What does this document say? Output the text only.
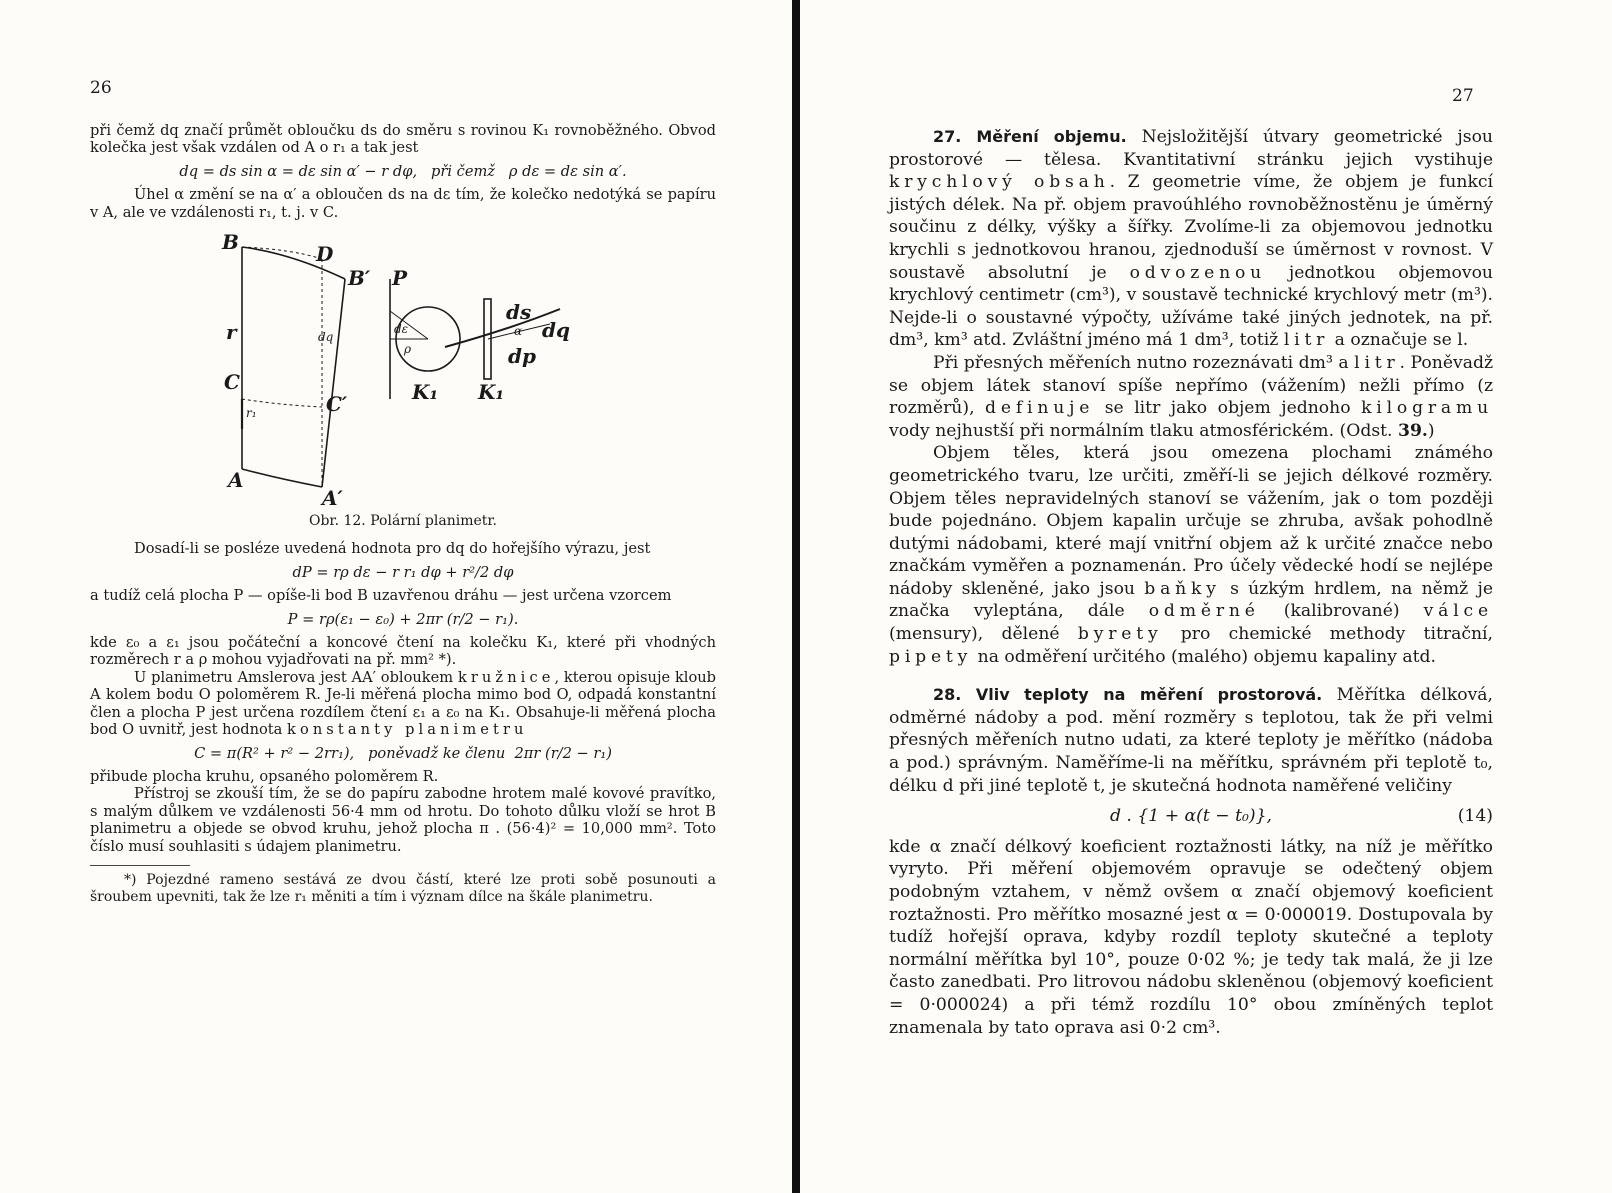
26

při čemž dq značí průmět obloučku ds do směru s rovinou K₁ rovnoběžného. Obvod kolečka jest však vzdálen od A o r₁ a tak jest

dq = ds sin α = dε sin α′ − r dφ,   při čemž   ρ dε = dε sin α′.

Úhel α změní se na α′ a obloučen ds na dε tím, že kolečko nedotýká se papíru v A, ale ve vzdálenosti r₁, t. j. v C.

B	D
B′
r
C
C′
A
A′
P
K₁ K₁
ds
dq
dp
dq
r₁
dε
ρ
α
Obr. 12. Polární planimetr.

Dosadí-li se posléze uvedená hodnota pro dq do hořejšího výrazu, jest

dP = rρ dε − r r₁ dφ + r²/2 dφ

a tudíž celá plocha P — opíše-li bod B uzavřenou dráhu — jest určena vzorcem

P = rρ(ε₁ − ε₀) + 2πr (r/2 − r₁).

kde ε₀ a ε₁ jsou počáteční a koncové čtení na kolečku K₁, které při vhodných rozměrech r a ρ mohou vyjadřovati na př. mm² *).

U planimetru Amslerova jest AA′ obloukem kružnice, kterou opisuje kloub A kolem bodu O poloměrem R. Je-li měřená plocha mimo bod O, odpadá konstantní člen a plocha P jest určena rozdílem čtení ε₁ a ε₀ na K₁. Obsahuje-li měřená plocha bod O uvnitř, jest hodnota konstanty planimetru

C = π(R² + r² − 2rr₁),   poněvadž ke členu  2πr (r/2 − r₁)

přibude plocha kruhu, opsaného poloměrem R.

Přístroj se zkouší tím, že se do papíru zabodne hrotem malé kovové pravítko, s malým důlkem ve vzdálenosti 56·4 mm od hrotu. Do tohoto důlku vloží se hrot B planimetru a objede se obvod kruhu, jehož plocha π . (56·4)² = 10,000 mm². Toto číslo musí souhlasiti s údajem planimetru.

*) Pojezdné rameno sestává ze dvou částí, které lze proti sobě posunouti a šroubem upevniti, tak že lze r₁ měniti a tím i význam dílce na škále planimetru.

27

27. Měření objemu. Nejsložitější útvary geometrické jsou prostorové — tělesa. Kvantitativní stránku jejich vystihuje krychlový obsah. Z geometrie víme, že objem je funkcí jistých délek. Na př. objem pravoúhlého rovnoběžnostěnu je úměrný součinu z délky, výšky a šířky. Zvolíme-li za objemovou jednotku krychli s jednotkovou hranou, zjednoduší se úměrnost v rovnost. V soustavě absolutní je odvozenou jednotkou objemovou krychlový centimetr (cm³), v soustavě technické krychlový metr (m³). Nejde-li o soustavné výpočty, užíváme také jiných jednotek, na př. dm³, km³ atd. Zvláštní jméno má 1 dm³, totiž litr a označuje se l.

Při přesných měřeních nutno rozeznávati dm³ a litr. Poněvadž se objem látek stanoví spíše nepřímo (vážením) nežli přímo (z rozměrů), definuje se litr jako objem jednoho kilogramu vody nejhustší při normálním tlaku atmosférickém. (Odst. 39.)

Objem těles, která jsou omezena plochami známého geometrického tvaru, lze určiti, změří-li se jejich délkové rozměry. Objem těles nepravidelných stanoví se vážením, jak o tom později bude pojednáno. Objem kapalin určuje se zhruba, avšak pohodlně dutými nádobami, které mají vnitřní objem až k určité značce nebo značkám vyměřen a poznamenán. Pro účely vědecké hodí se nejlépe nádoby skleněné, jako jsou baňky s úzkým hrdlem, na němž je značka vyleptána, dále odměrné (kalibrované) válce (mensury), dělené byrety pro chemické methody titrační, pipety na odměření určitého (malého) objemu kapaliny atd.

28. Vliv teploty na měření prostorová. Měřítka délková, odměrné nádoby a pod. mění rozměry s teplotou, tak že při velmi přesných měřeních nutno udati, za které teploty je měřítko (nádoba a pod.) správným. Naměříme-li na měřítku, správném při teplotě t₀, délku d při jiné teplotě t, je skutečná hodnota naměřené veličiny

d . {1 + α(t − t₀)},	(14)

kde α značí délkový koeficient roztažnosti látky, na níž je měřítko vyryto. Při měření objemovém opravuje se odečtený objem podobným vztahem, v němž ovšem α značí objemový koeficient roztažnosti. Pro měřítko mosazné jest α = 0·000019. Dostupovala by tudíž hořejší oprava, kdyby rozdíl teploty skutečné a teploty normální měřítka byl 10°, pouze 0·02 %; je tedy tak malá, že ji lze často zanedbati. Pro litrovou nádobu skleněnou (objemový koeficient = 0·000024) a při témž rozdílu 10° obou zmíněných teplot znamenala by tato oprava asi 0·2 cm³.
